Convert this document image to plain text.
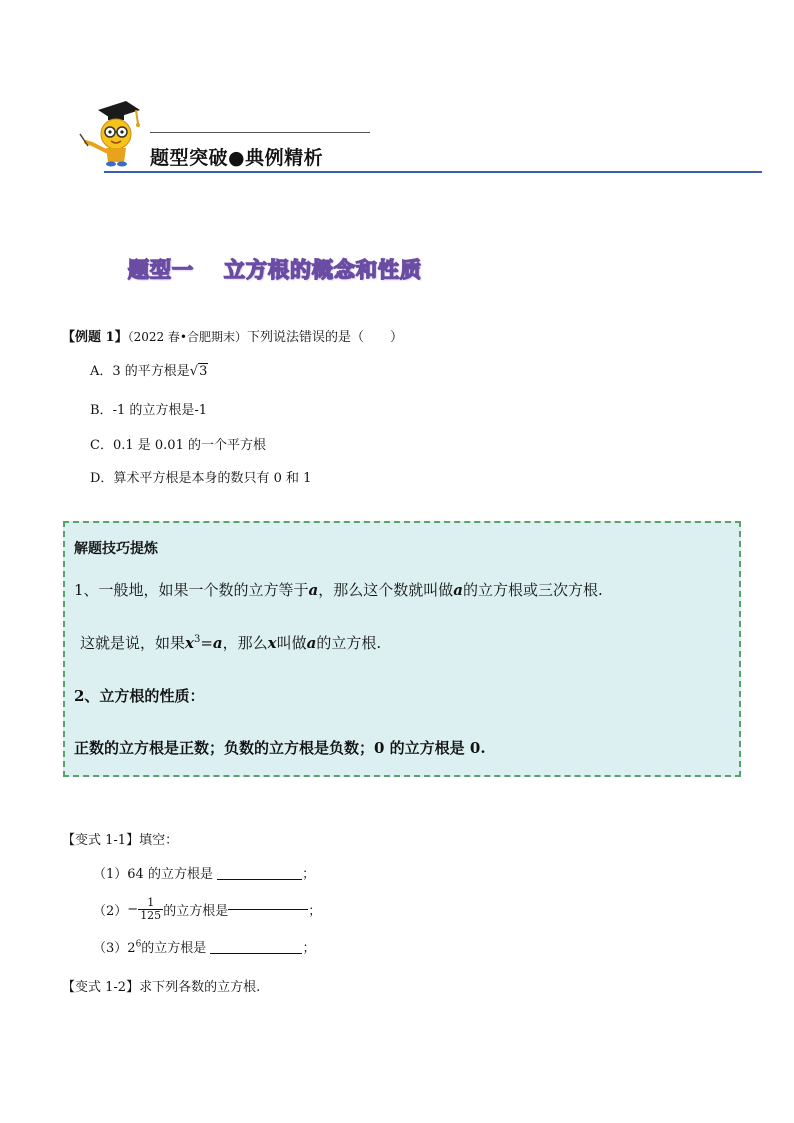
题型突破●典例精析
题型一 立方根的概念和性质
【例题 1】（2022 春•合肥期末）下列说法错误的是（　　）
A．3 的平方根是√3
B．-1 的立方根是-1
C．0.1 是 0.01 的一个平方根
D．算术平方根是本身的数只有 0 和 1
解题技巧提炼
1、一般地，如果一个数的立方等于a，那么这个数就叫做a的立方根或三次方根.
这就是说，如果$x^3=a$，那么x叫做a的立方根.
2、立方根的性质：
正数的立方根是正数；负数的立方根是负数；0 的立方根是 0.
【变式 1-1】填空：
（1）64 的立方根是	；
$(2) - \frac{1}{125}$ 的立方根是	；
$(3)2^6$的立方根是	；
【变式 1-2】求下列各数的立方根.
